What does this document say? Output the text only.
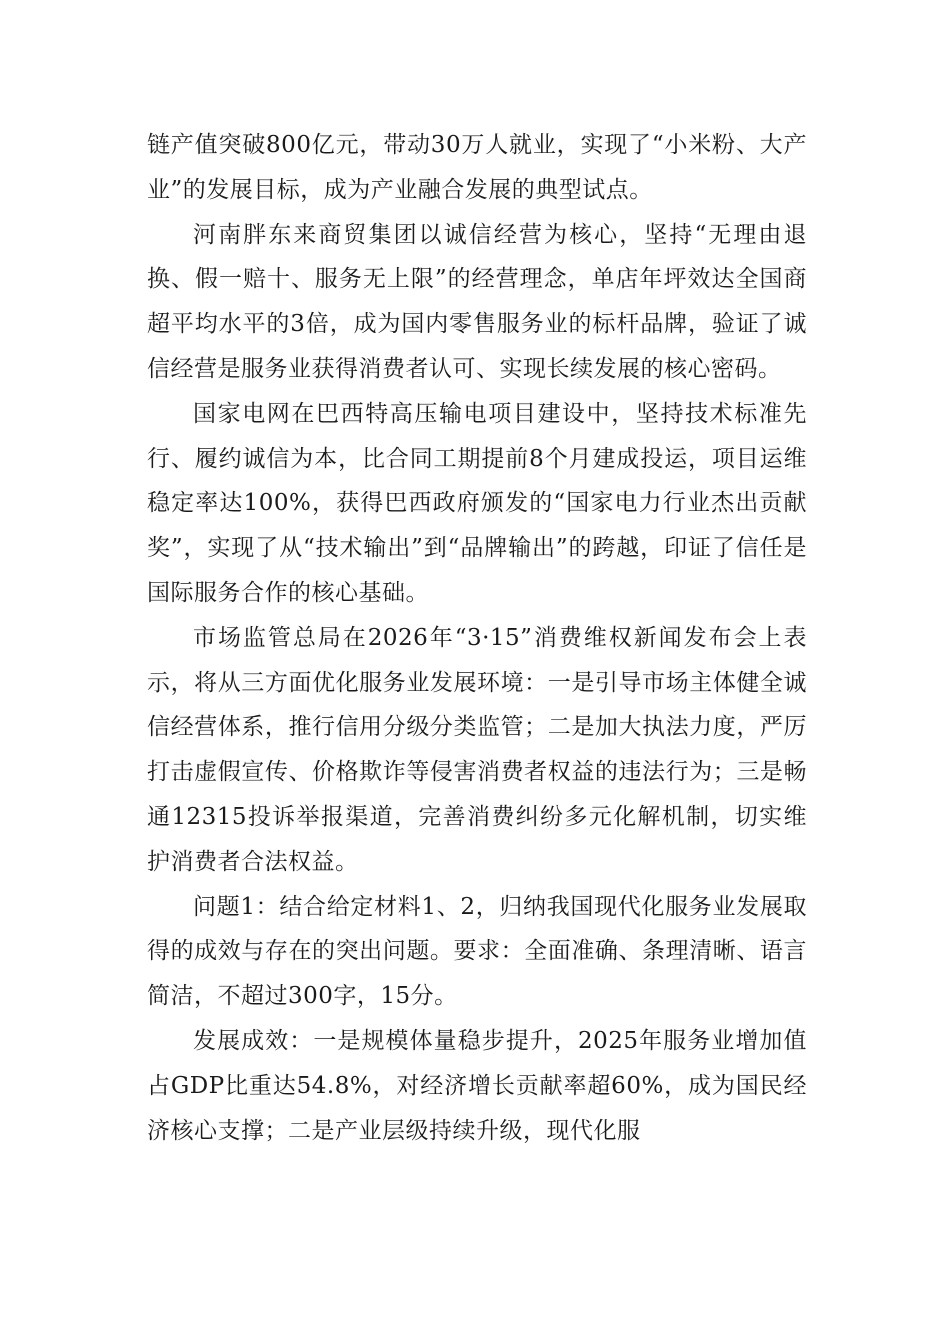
链产值突破800亿元，带动30万人就业，实现了“小米粉、大产业”的发展目标，成为产业融合发展的典型试点。

河南胖东来商贸集团以诚信经营为核心，坚持“无理由退换、假一赔十、服务无上限”的经营理念，单店年坪效达全国商超平均水平的3倍，成为国内零售服务业的标杆品牌，验证了诚信经营是服务业获得消费者认可、实现长续发展的核心密码。

国家电网在巴西特高压输电项目建设中，坚持技术标准先行、履约诚信为本，比合同工期提前8个月建成投运，项目运维稳定率达100%，获得巴西政府颁发的“国家电力行业杰出贡献奖”，实现了从“技术输出”到“品牌输出”的跨越，印证了信任是国际服务合作的核心基础。

市场监管总局在2026年“3·15”消费维权新闻发布会上表示，将从三方面优化服务业发展环境：一是引导市场主体健全诚信经营体系，推行信用分级分类监管；二是加大执法力度，严厉打击虚假宣传、价格欺诈等侵害消费者权益的违法行为；三是畅通12315投诉举报渠道，完善消费纠纷多元化解机制，切实维护消费者合法权益。

问题1：结合给定材料1、2，归纳我国现代化服务业发展取得的成效与存在的突出问题。要求：全面准确、条理清晰、语言简洁，不超过300字，15分。

发展成效：一是规模体量稳步提升，2025年服务业增加值占GDP比重达54.8%，对经济增长贡献率超60%，成为国民经济核心支撑；二是产业层级持续升级，现代化服
